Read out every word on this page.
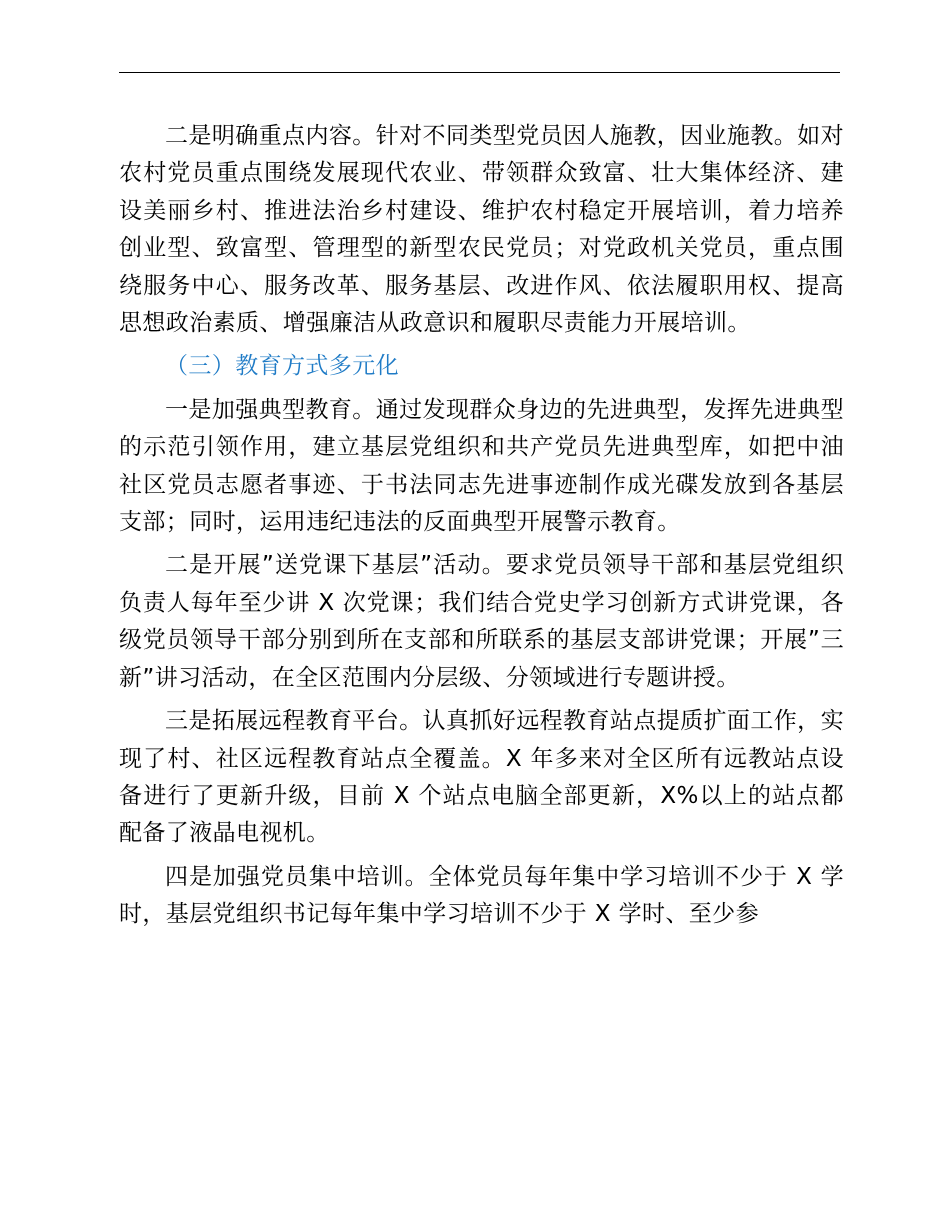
二是明确重点内容。针对不同类型党员因人施教，因业施教。如对农村党员重点围绕发展现代农业、带领群众致富、壮大集体经济、建设美丽乡村、推进法治乡村建设、维护农村稳定开展培训，着力培养创业型、致富型、管理型的新型农民党员；对党政机关党员，重点围绕服务中心、服务改革、服务基层、改进作风、依法履职用权、提高思想政治素质、增强廉洁从政意识和履职尽责能力开展培训。

（三）教育方式多元化

一是加强典型教育。通过发现群众身边的先进典型，发挥先进典型的示范引领作用，建立基层党组织和共产党员先进典型库，如把中油社区党员志愿者事迹、于书法同志先进事迹制作成光碟发放到各基层支部；同时，运用违纪违法的反面典型开展警示教育。

二是开展”送党课下基层”活动。要求党员领导干部和基层党组织负责人每年至少讲 X 次党课；我们结合党史学习创新方式讲党课，各级党员领导干部分别到所在支部和所联系的基层支部讲党课；开展”三新”讲习活动，在全区范围内分层级、分领域进行专题讲授。

三是拓展远程教育平台。认真抓好远程教育站点提质扩面工作，实现了村、社区远程教育站点全覆盖。X 年多来对全区所有远教站点设备进行了更新升级，目前 X 个站点电脑全部更新，X%以上的站点都配备了液晶电视机。

四是加强党员集中培训。全体党员每年集中学习培训不少于 X 学时，基层党组织书记每年集中学习培训不少于 X 学时、至少参
